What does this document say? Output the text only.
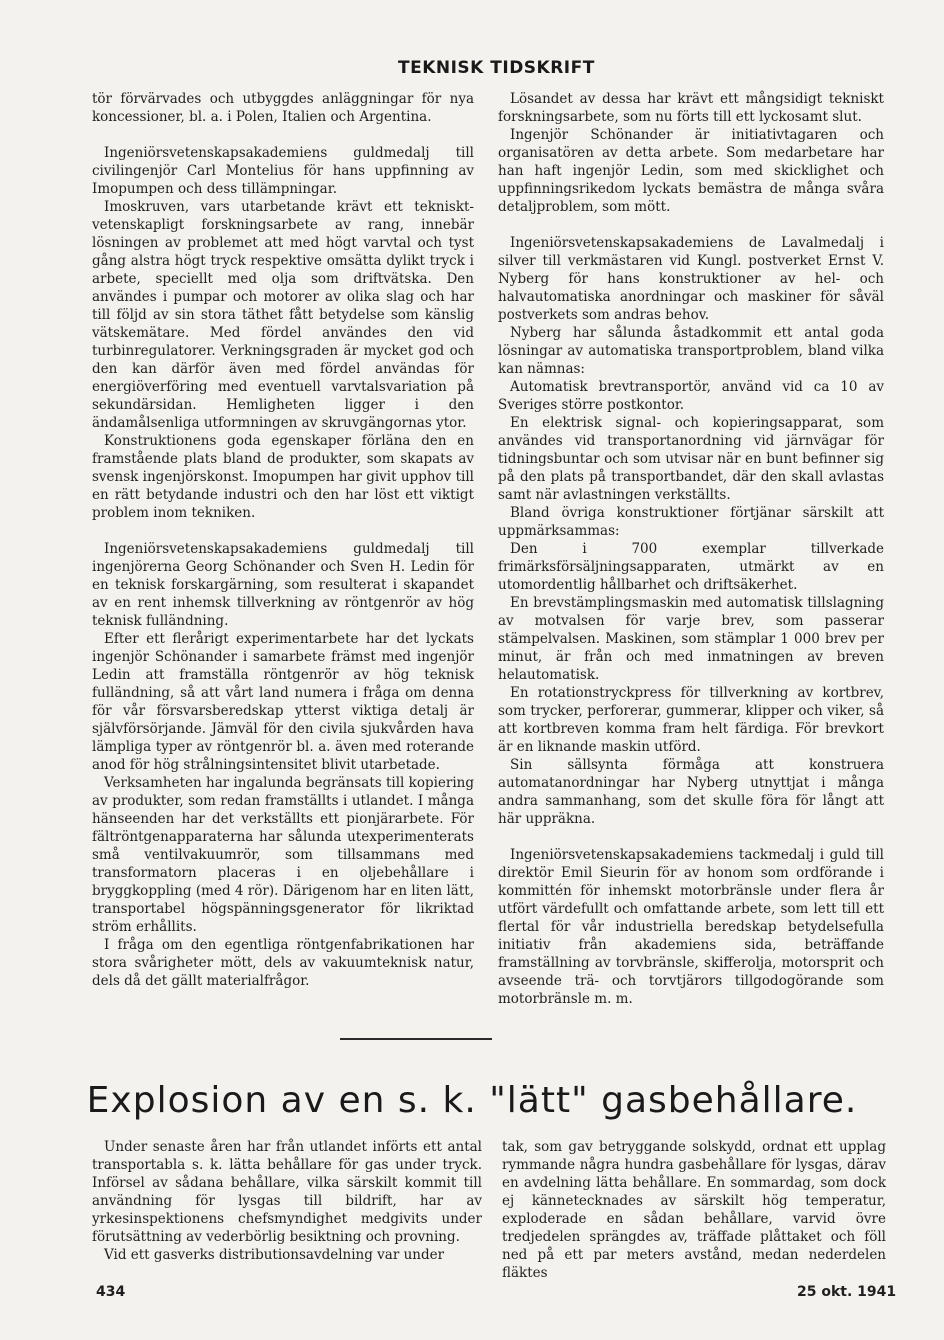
TEKNISK TIDSKRIFT

tör förvärvades och utbyggdes anläggningar för nya koncessioner, bl. a. i Polen, Italien och Argentina.

Ingeniörsvetenskapsakademiens guldmedalj till civilingenjör Carl Montelius för hans uppfinning av Imopumpen och dess tillämpningar.

Imoskruven, vars utarbetande krävt ett tekniskt-vetenskapligt forskningsarbete av rang, innebär lösningen av problemet att med högt varvtal och tyst gång alstra högt tryck respektive omsätta dylikt tryck i arbete, speciellt med olja som driftvätska. Den användes i pumpar och motorer av olika slag och har till följd av sin stora täthet fått betydelse som känslig vätskemätare. Med fördel användes den vid turbinregulatorer. Verkningsgraden är mycket god och den kan därför även med fördel användas för energiöverföring med eventuell varvtalsvariation på sekundärsidan. Hemligheten ligger i den ändamålsenliga utformningen av skruvgängornas ytor.

Konstruktionens goda egenskaper förläna den en framstående plats bland de produkter, som skapats av svensk ingenjörskonst. Imopumpen har givit upphov till en rätt betydande industri och den har löst ett viktigt problem inom tekniken.

Ingeniörsvetenskapsakademiens guldmedalj till ingenjörerna Georg Schönander och Sven H. Ledin för en teknisk forskargärning, som resulterat i skapandet av en rent inhemsk tillverkning av röntgenrör av hög teknisk fulländning.

Efter ett flerårigt experimentarbete har det lyckats ingenjör Schönander i samarbete främst med ingenjör Ledin att framställa röntgenrör av hög teknisk fulländning, så att vårt land numera i fråga om denna för vår försvarsberedskap ytterst viktiga detalj är självförsörjande. Jämväl för den civila sjukvården hava lämpliga typer av röntgenrör bl. a. även med roterande anod för hög strålningsintensitet blivit utarbetade.

Verksamheten har ingalunda begränsats till kopiering av produkter, som redan framställts i utlandet. I många hänseenden har det verkställts ett pionjärarbete. För fältröntgenapparaterna har sålunda utexperimenterats små ventilvakuumrör, som tillsammans med transformatorn placeras i en oljebehållare i bryggkoppling (med 4 rör). Därigenom har en liten lätt, transportabel högspänningsgenerator för likriktad ström erhållits.

I fråga om den egentliga röntgenfabrikationen har stora svårigheter mött, dels av vakuumteknisk natur, dels då det gällt materialfrågor.

Lösandet av dessa har krävt ett mångsidigt tekniskt forskningsarbete, som nu förts till ett lyckosamt slut.

Ingenjör Schönander är initiativtagaren och organisatören av detta arbete. Som medarbetare har han haft ingenjör Ledin, som med skicklighet och uppfinningsrikedom lyckats bemästra de många svåra detaljproblem, som mött.

Ingeniörsvetenskapsakademiens de Lavalmedalj i silver till verkmästaren vid Kungl. postverket Ernst V. Nyberg för hans konstruktioner av hel- och halvautomatiska anordningar och maskiner för såväl postverkets som andras behov.

Nyberg har sålunda åstadkommit ett antal goda lösningar av automatiska transportproblem, bland vilka kan nämnas:

Automatisk brevtransportör, använd vid ca 10 av Sveriges större postkontor.

En elektrisk signal- och kopieringsapparat, som användes vid transportanordning vid järnvägar för tidningsbuntar och som utvisar när en bunt befinner sig på den plats på transportbandet, där den skall avlastas samt när avlastningen verkställts.

Bland övriga konstruktioner förtjänar särskilt att uppmärksammas:

Den i 700 exemplar tillverkade frimärksförsäljningsapparaten, utmärkt av en utomordentlig hållbarhet och driftsäkerhet.

En brevstämplingsmaskin med automatisk tillslagning av motvalsen för varje brev, som passerar stämpelvalsen. Maskinen, som stämplar 1 000 brev per minut, är från och med inmatningen av breven helautomatisk.

En rotationstryckpress för tillverkning av kortbrev, som trycker, perforerar, gummerar, klipper och viker, så att kortbreven komma fram helt färdiga. För brevkort är en liknande maskin utförd.

Sin sällsynta förmåga att konstruera automatanordningar har Nyberg utnyttjat i många andra sammanhang, som det skulle föra för långt att här uppräkna.

Ingeniörsvetenskapsakademiens tackmedalj i guld till direktör Emil Sieurin för av honom som ordförande i kommittén för inhemskt motorbränsle under flera år utfört värdefullt och omfattande arbete, som lett till ett flertal för vår industriella beredskap betydelsefulla initiativ från akademiens sida, beträffande framställning av torvbränsle, skifferolja, motorsprit och avseende trä- och torvtjärors tillgodogörande som motorbränsle m. m.

Explosion av en s. k. "lätt" gasbehållare.

Under senaste åren har från utlandet införts ett antal transportabla s. k. lätta behållare för gas under tryck. Införsel av sådana behållare, vilka särskilt kommit till användning för lysgas till bildrift, har av yrkesinspektionens chefsmyndighet medgivits under förutsättning av vederbörlig besiktning och provning.

Vid ett gasverks distributionsavdelning var under

tak, som gav betryggande solskydd, ordnat ett upplag rymmande några hundra gasbehållare för lysgas, därav en avdelning lätta behållare. En sommardag, som dock ej kännetecknades av särskilt hög temperatur, exploderade en sådan behållare, varvid övre tredjedelen sprängdes av, träffade plåttaket och föll ned på ett par meters avstånd, medan nederdelen fläktes

434	25 okt. 1941
